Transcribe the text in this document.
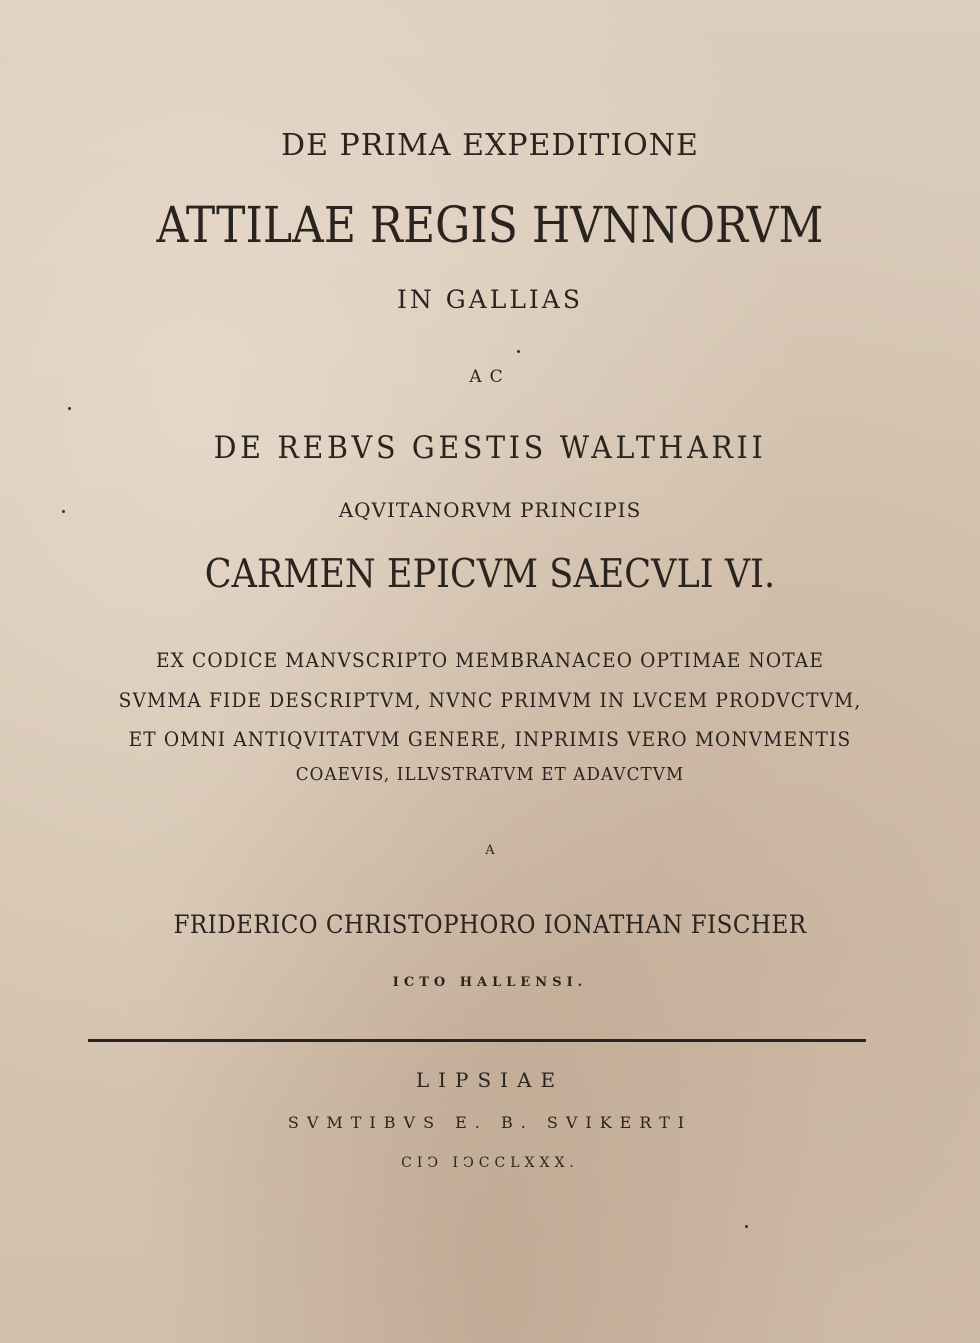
DE PRIMA EXPEDITIONE

ATTILAE REGIS HVNNORVM

IN GALLIAS

AC

DE REBVS GESTIS WALTHARII

AQVITANORVM PRINCIPIS

CARMEN EPICVM SAECVLI VI.

EX CODICE MANVSCRIPTO MEMBRANACEO OPTIMAE NOTAE

SVMMA FIDE DESCRIPTVM, NVNC PRIMVM IN LVCEM PRODVCTVM,

ET OMNI ANTIQVITATVM GENERE, INPRIMIS VERO MONVMENTIS

COAEVIS, ILLVSTRATVM ET ADAVCTVM

A

FRIDERICO CHRISTOPHORO IONATHAN FISCHER

ICTO HALLENSI.

LIPSIAE

SVMTIBVS E. B. SVIKERTI

CIↃ IↃCCLXXX.
